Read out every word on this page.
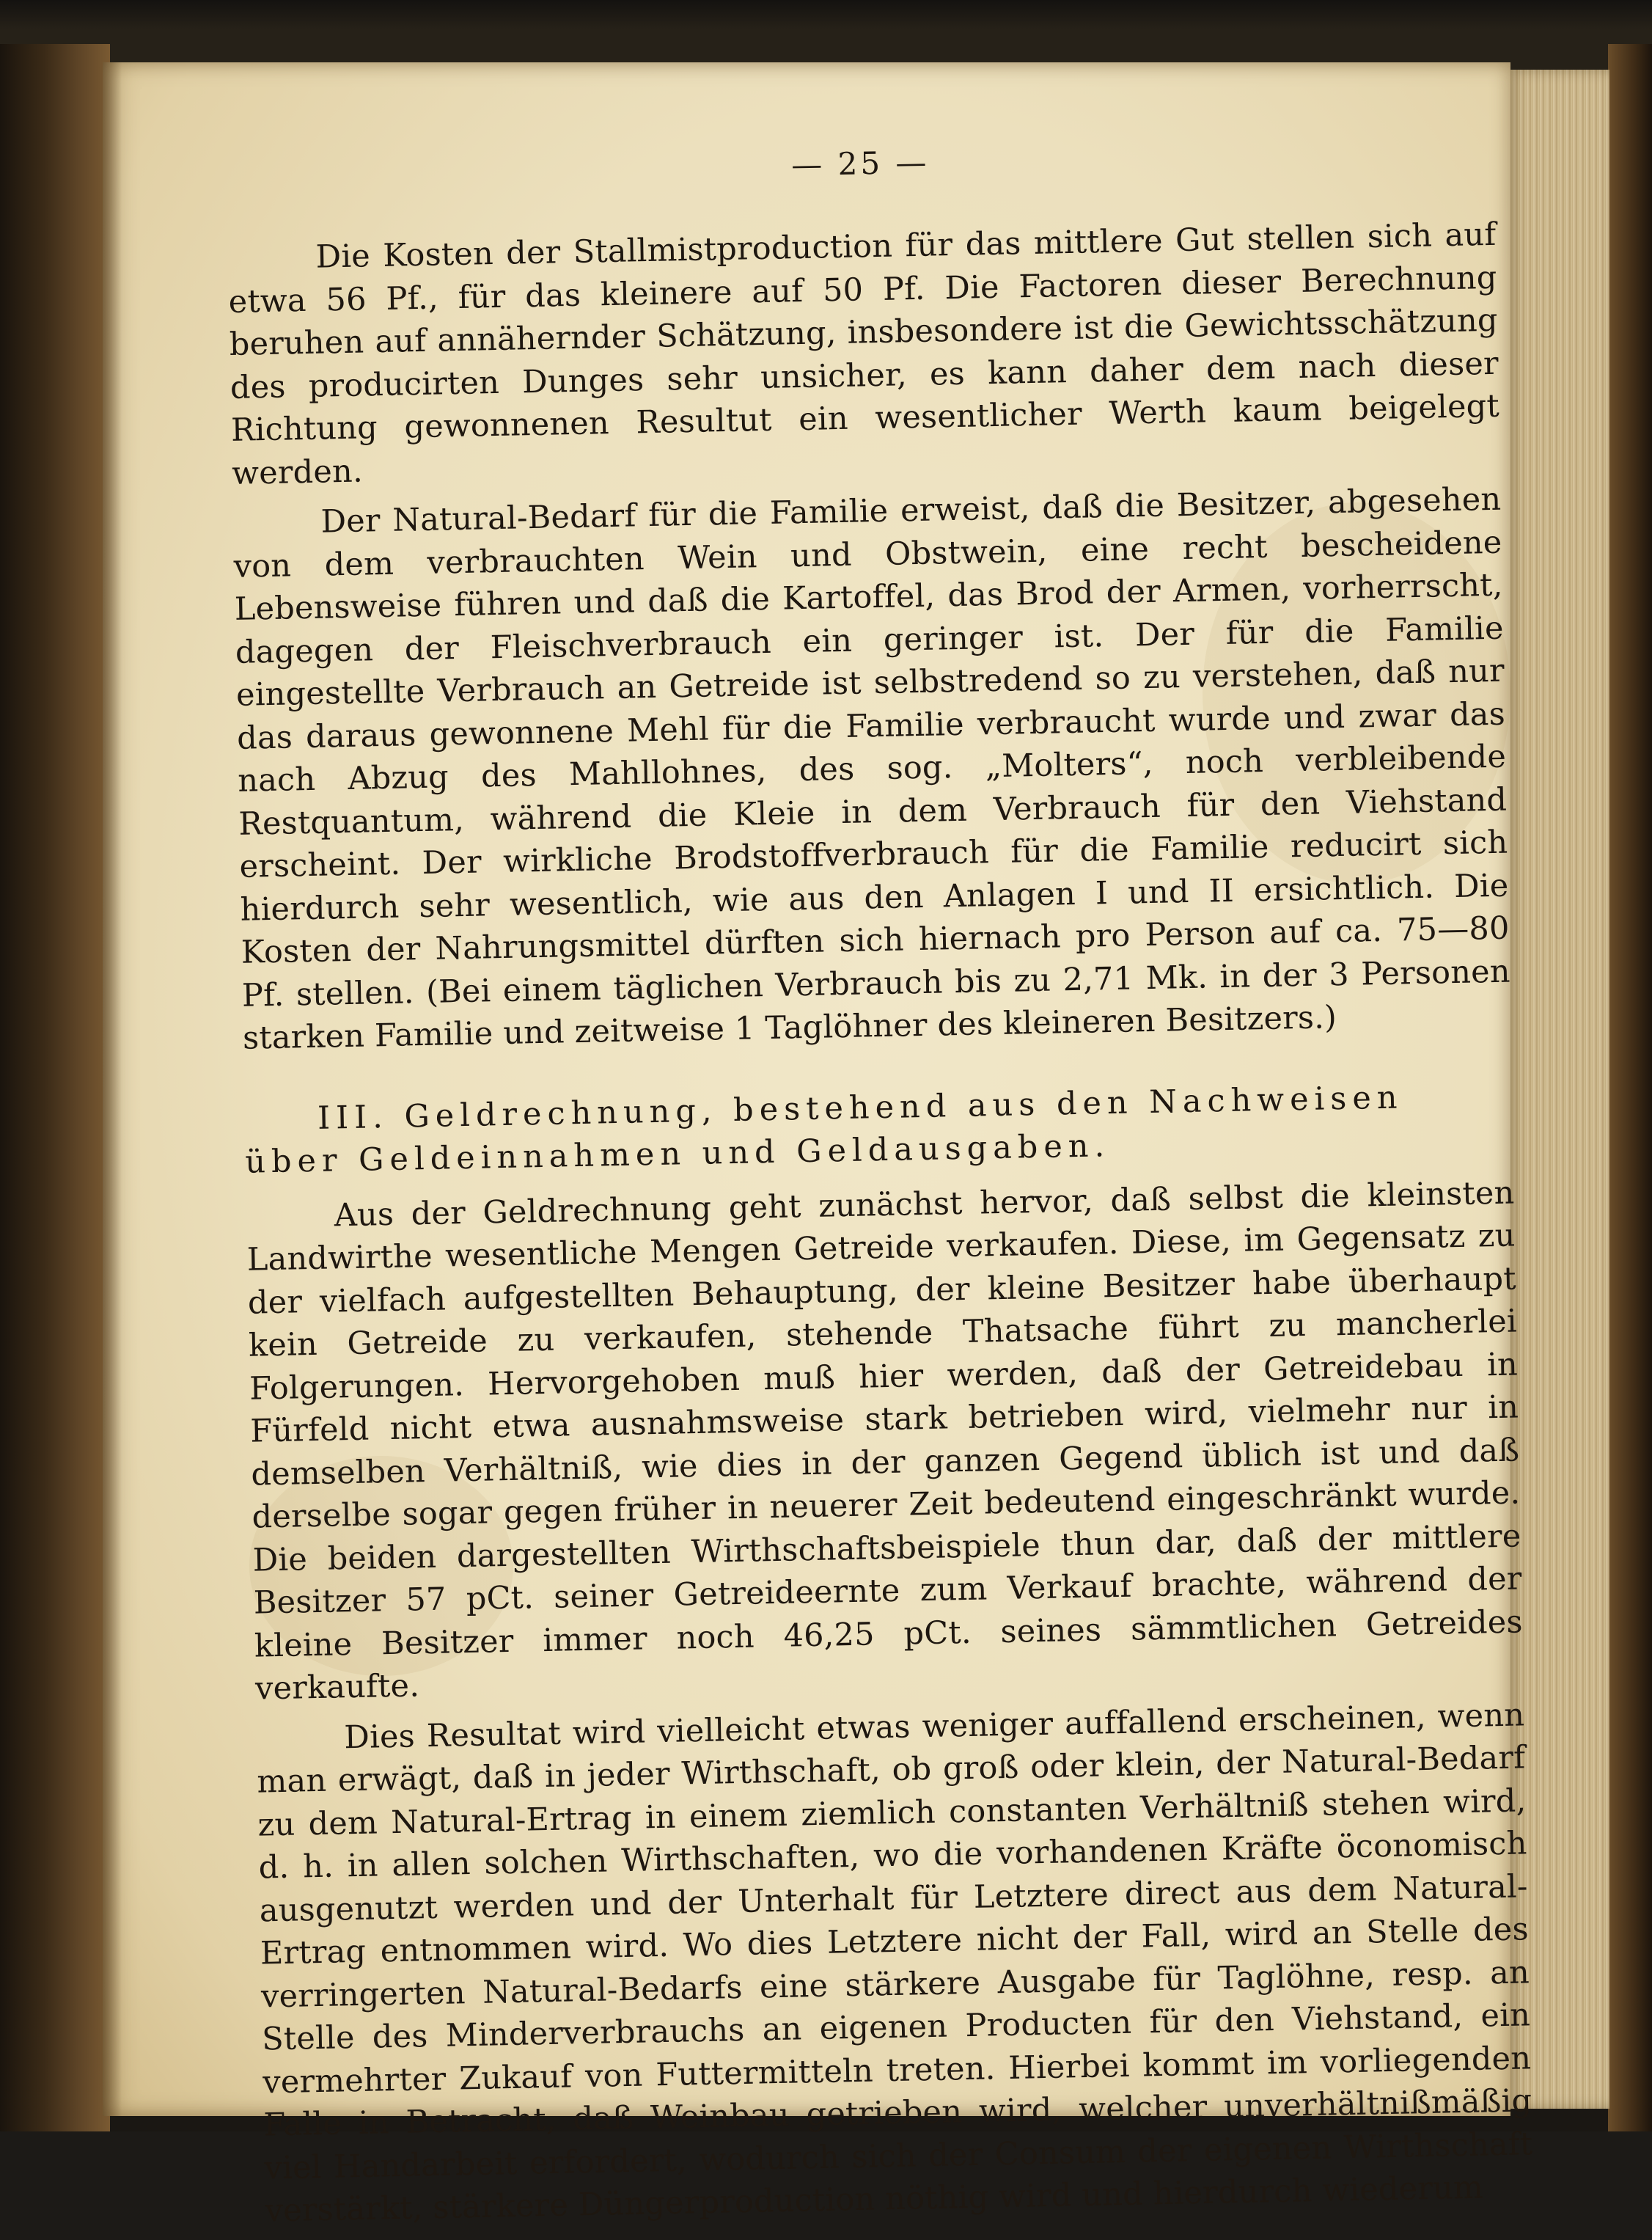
— 25 —

Die Kosten der Stallmistproduction für das mittlere Gut stellen sich auf etwa 56 Pf., für das kleinere auf 50 Pf. Die Factoren dieser Berechnung beruhen auf annähernder Schätzung, insbesondere ist die Gewichtsschätzung des producirten Dunges sehr unsicher, es kann daher dem nach dieser Richtung gewonnenen Resultut ein wesentlicher Werth kaum beigelegt werden.

Der Natural-Bedarf für die Familie erweist, daß die Besitzer, abgesehen von dem verbrauchten Wein und Obstwein, eine recht bescheidene Lebensweise führen und daß die Kartoffel, das Brod der Armen, vorherrscht, dagegen der Fleischverbrauch ein geringer ist. Der für die Familie eingestellte Verbrauch an Getreide ist selbstredend so zu verstehen, daß nur das daraus gewonnene Mehl für die Familie verbraucht wurde und zwar das nach Abzug des Mahllohnes, des sog. „Molters“, noch verbleibende Restquantum, während die Kleie in dem Verbrauch für den Viehstand erscheint. Der wirkliche Brodstoffverbrauch für die Familie reducirt sich hierdurch sehr wesentlich, wie aus den Anlagen I und II ersichtlich. Die Kosten der Nahrungsmittel dürften sich hiernach pro Person auf ca. 75—80 Pf. stellen. (Bei einem täglichen Verbrauch bis zu 2,71 Mk. in der 3 Personen starken Familie und zeitweise 1 Taglöhner des kleineren Besitzers.)

III. Geldrechnung, bestehend aus den Nachweisen über Geldeinnahmen und Geldausgaben.

Aus der Geldrechnung geht zunächst hervor, daß selbst die kleinsten Landwirthe wesentliche Mengen Getreide verkaufen. Diese, im Gegensatz zu der vielfach aufgestellten Behauptung, der kleine Besitzer habe überhaupt kein Getreide zu verkaufen, stehende Thatsache führt zu mancherlei Folgerungen. Hervorgehoben muß hier werden, daß der Getreidebau in Fürfeld nicht etwa ausnahmsweise stark betrieben wird, vielmehr nur in demselben Verhältniß, wie dies in der ganzen Gegend üblich ist und daß derselbe sogar gegen früher in neuerer Zeit bedeutend eingeschränkt wurde. Die beiden dargestellten Wirthschaftsbeispiele thun dar, daß der mittlere Besitzer 57 pCt. seiner Getreideernte zum Verkauf brachte, während der kleine Besitzer immer noch 46,25 pCt. seines sämmtlichen Getreides verkaufte.

Dies Resultat wird vielleicht etwas weniger auffallend erscheinen, wenn man erwägt, daß in jeder Wirthschaft, ob groß oder klein, der Natural-Bedarf zu dem Natural-Ertrag in einem ziemlich constanten Verhältniß stehen wird, d. h. in allen solchen Wirthschaften, wo die vorhandenen Kräfte öconomisch ausgenutzt werden und der Unterhalt für Letztere direct aus dem Natural-Ertrag entnommen wird. Wo dies Letztere nicht der Fall, wird an Stelle des verringerten Natural-Bedarfs eine stärkere Ausgabe für Taglöhne, resp. an Stelle des Minderverbrauchs an eigenen Producten für den Viehstand, ein vermehrter Zukauf von Futtermitteln treten. Hierbei kommt im vorliegenden Falle in Betracht, daß Weinbau getrieben wird, welcher unverhältnißmäßig viel Handarbeit erfordert, wodurch sich der Consum der eigenen Wirthschaft verstärkt, stärkere Düngerproduction nöthig wird und hierdurch wiederum
